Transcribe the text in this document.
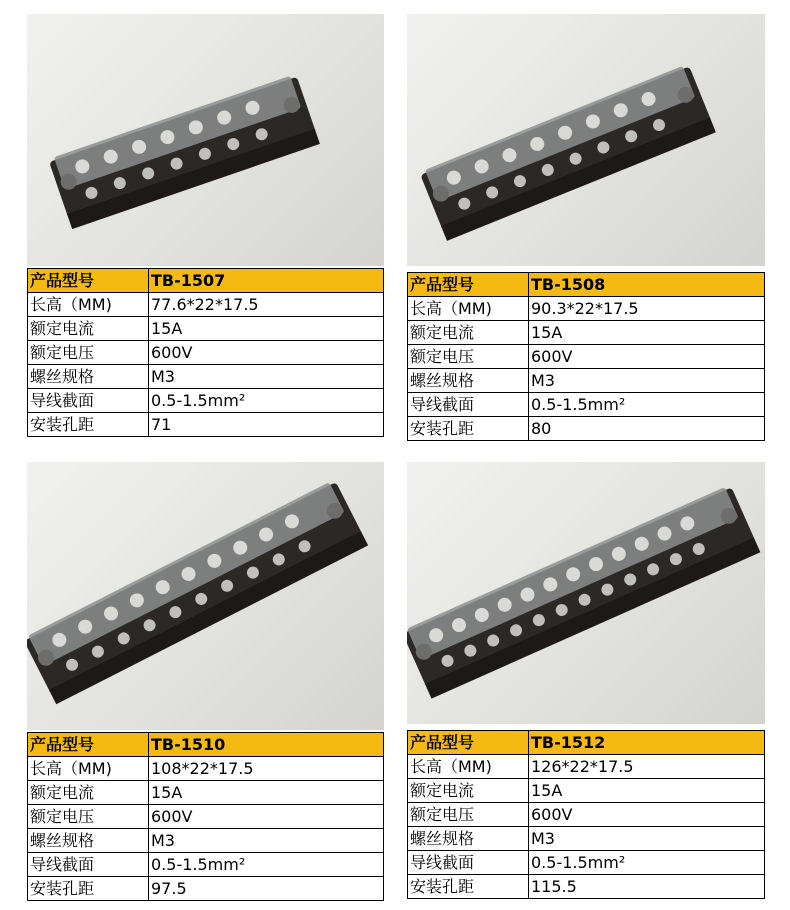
产品型号	TB-1507
长高（MM)	77.6*22*17.5
额定电流	15A
额定电压	600V
螺丝规格	M3
导线截面	0.5-1.5mm²
安装孔距	71
产品型号	TB-1508
长高（MM)	90.3*22*17.5
额定电流	15A
额定电压	600V
螺丝规格	M3
导线截面	0.5-1.5mm²
安装孔距	80
产品型号	TB-1510
长高（MM)	108*22*17.5
额定电流	15A
额定电压	600V
螺丝规格	M3
导线截面	0.5-1.5mm²
安装孔距	97.5
产品型号	TB-1512
长高（MM)	126*22*17.5
额定电流	15A
额定电压	600V
螺丝规格	M3
导线截面	0.5-1.5mm²
安装孔距	115.5
